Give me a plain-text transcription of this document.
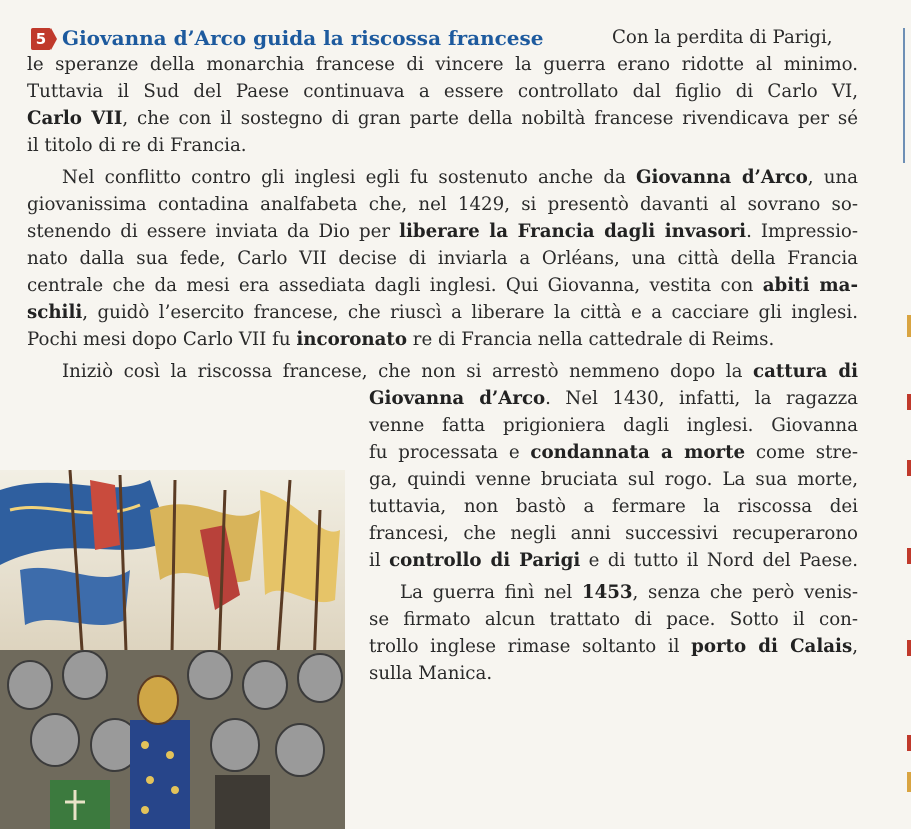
5 Giovanna d’Arco guida la riscossa francese	Con la perdita di Parigi,
le speranze della monarchia francese di vincere la guerra erano ridotte al minimo.
Tuttavia il Sud del Paese continuava a essere controllato dal figlio di Carlo VI,
Carlo VII, che con il sostegno di gran parte della nobiltà francese rivendicava per sé
il titolo di re di Francia.
Nel conflitto contro gli inglesi egli fu sostenuto anche da Giovanna d’Arco, una
giovanissima contadina analfabeta che, nel 1429, si presentò davanti al sovrano so-
stenendo di essere inviata da Dio per liberare la Francia dagli invasori. Impressio-
nato dalla sua fede, Carlo VII decise di inviarla a Orléans, una città della Francia
centrale che da mesi era assediata dagli inglesi. Qui Giovanna, vestita con abiti ma-
schili, guidò l’esercito francese, che riuscì a liberare la città e a cacciare gli inglesi.
Pochi mesi dopo Carlo VII fu incoronato re di Francia nella cattedrale di Reims.
Iniziò così la riscossa francese, che non si arrestò nemmeno dopo la cattura di
Giovanna d’Arco. Nel 1430, infatti, la ragazza
venne fatta prigioniera dagli inglesi. Giovanna
fu processata e condannata a morte come stre-
ga, quindi venne bruciata sul rogo. La sua morte,
tuttavia, non bastò a fermare la riscossa dei
francesi, che negli anni successivi recuperarono
il controllo di Parigi e di tutto il Nord del Paese.
La guerra finì nel 1453, senza che però venis-
se firmato alcun trattato di pace. Sotto il con-
trollo inglese rimase soltanto il porto di Calais,
sulla Manica.
